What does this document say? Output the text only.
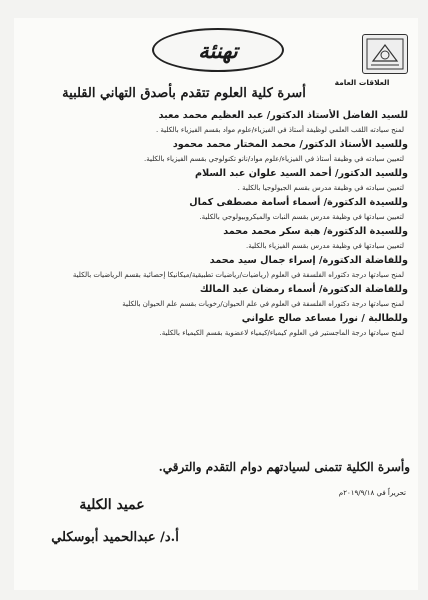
العلاقات العامة
تهنئة
أسرة كلية العلوم تتقدم بأصدق التهاني القلبية
للسيد الفاضل الأستاذ الدكتور/ عبد العظيم محمد معبد
لمنح سيادته اللقب العلمي لوظيفة أستاذ في الفيزياء/علوم مواد بقسم الفيزياء بالكلية .
وللسيد الأستاذ الدكتور/ محمد المختار محمد محمود
لتعيين سيادته في وظيفة أستاذ في الفيزياء/علوم مواد/نانو تكنولوجي بقسم الفيزياء بالكلية.
وللسيد الدكتور/ أحمد السيد علوان عبد السلام
لتعيين سيادته في وظيفة مدرس بقسم الجيولوجيا بالكلية .
وللسيدة الدكتورة/ أسماء أسامة مصطفى كمال
لتعيين سيادتها في وظيفة مدرس بقسم النبات والميكروبيولوجي بالكلية.
وللسيدة الدكتورة/ هبة سكر محمد محمد
لتعيين سيادتها في وظيفة مدرس بقسم الفيزياء بالكلية.
وللفاضلة الدكتورة/ إسراء جمال سيد محمد
لمنح سيادتها درجة دكتوراه الفلسفة في العلوم (رياضيات/رياضيات تطبيقية/ميكانيكا إحصائية بقسم الرياضيات بالكلية
وللفاضلة الدكتورة/ أسماء رمضان عبد المالك
لمنح سيادتها درجة دكتوراه الفلسفة في العلوم في علم الحيوان/رخويات بقسم علم الحيوان بالكلية
وللطالبة / نورا مساعد صالح علواني
لمنح سيادتها درجة الماجستير في العلوم كيمياء/كيمياء لاعضوية بقسم الكيمياء بالكلية.
وأسرة الكلية تتمنى لسيادتهم دوام التقدم والترقي.
تحريراً في ٢٠١٩/٩/١٨م
عميد الكلية
أ.د/ عبدالحميد أبوسكلي
